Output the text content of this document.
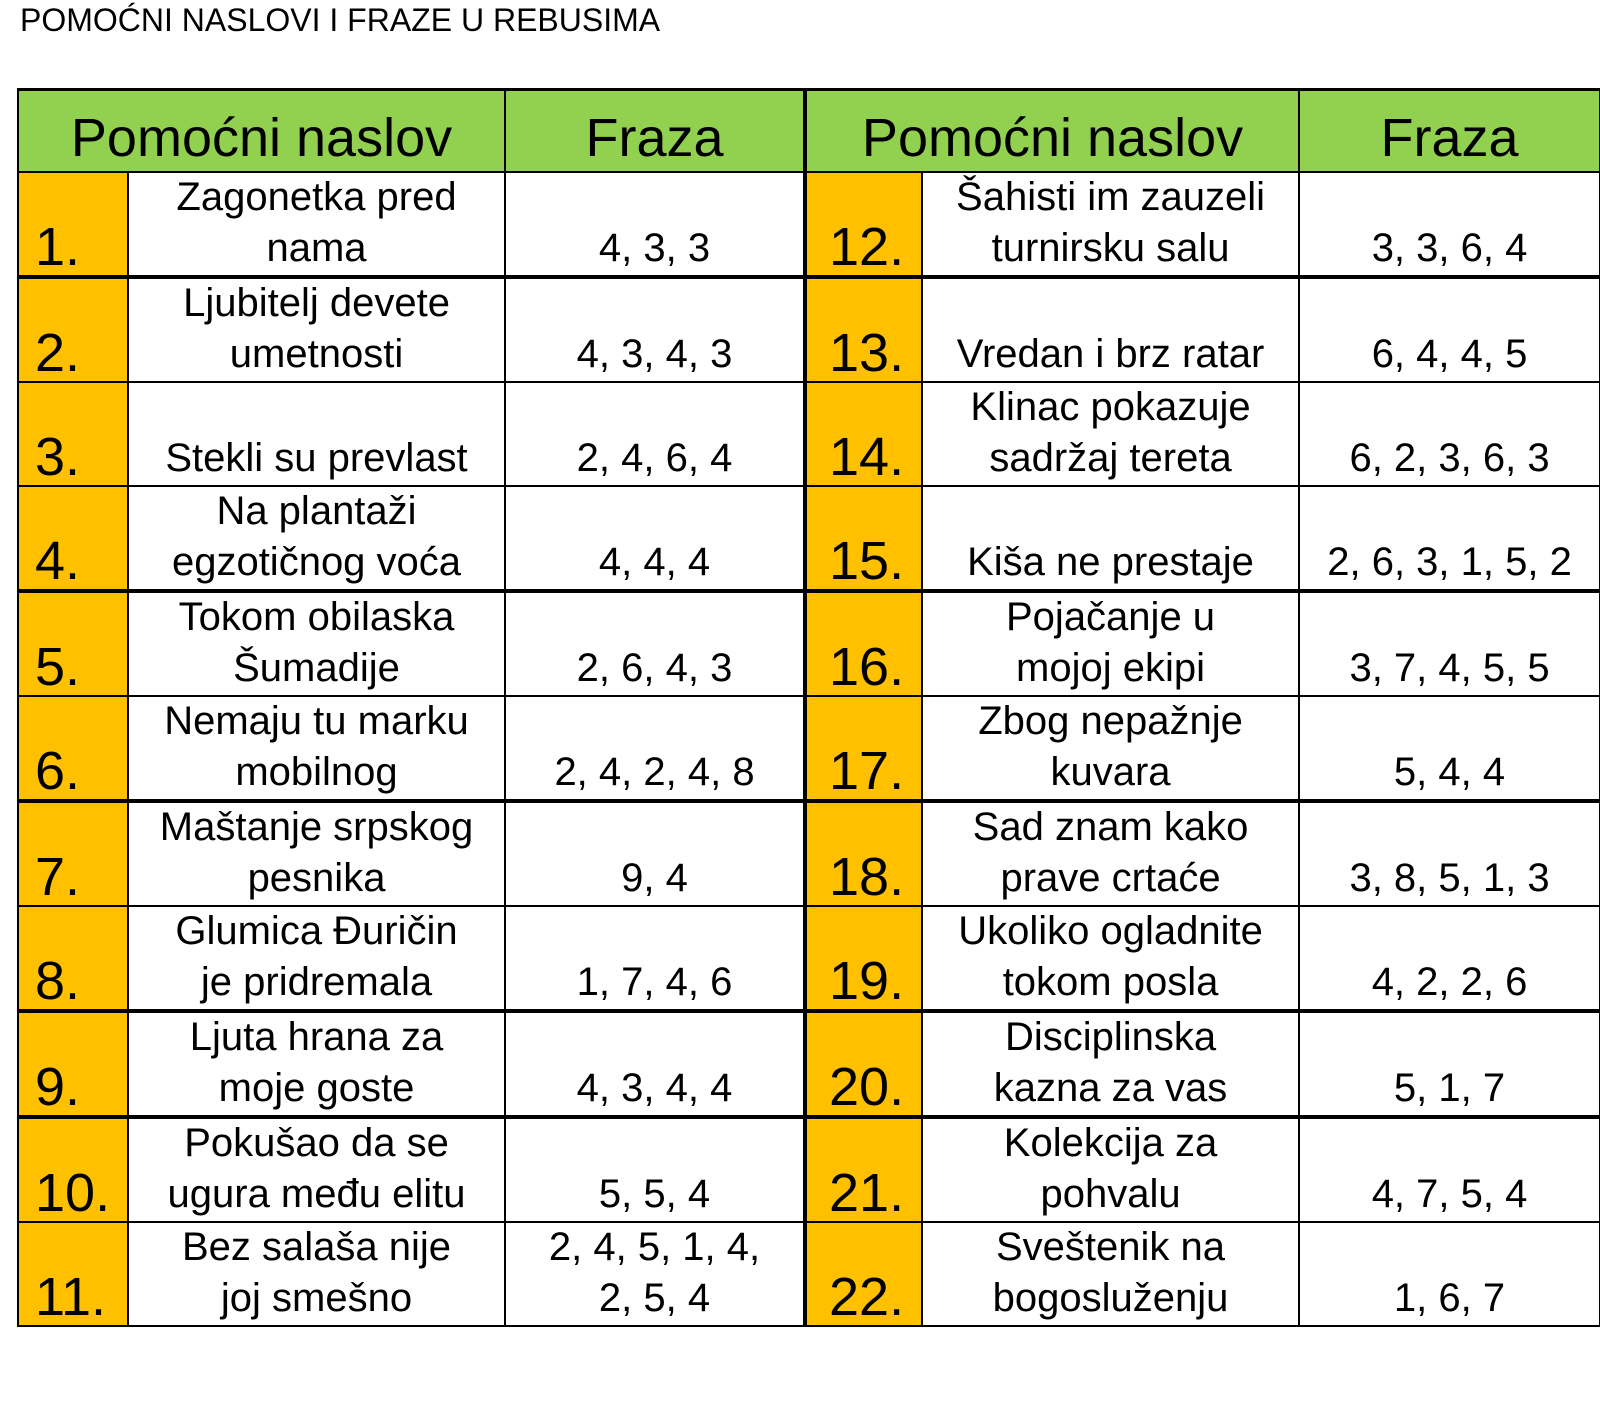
POMOĆNI NASLOVI I FRAZE U REBUSIMA
Pomoćni naslov		Fraza	Pomoćni naslov		Fraza
1.	Zagonetka pred
nama	4, 3, 3	12.	Šahisti im zauzeli
turnirsku salu	3, 3, 6, 4

2.	Ljubitelj devete
umetnosti	4, 3, 4, 3	13.	Vredan i brz ratar	6, 4, 4, 5

3.	Stekli su prevlast	2, 4, 6, 4	14.	Klinac pokazuje
sadržaj tereta	6, 2, 3, 6, 3

4.	Na plantaži
egzotičnog voća	4, 4, 4	15.	Kiša ne prestaje	2, 6, 3, 1, 5, 2

5.	Tokom obilaska
Šumadije	2, 6, 4, 3	16.	Pojačanje u
mojoj ekipi	3, 7, 4, 5, 5

6.	Nemaju tu marku
mobilnog	2, 4, 2, 4, 8	17.	Zbog nepažnje
kuvara	5, 4, 4

7.	Maštanje srpskog
pesnika	9, 4	18.	Sad znam kako
prave crtaće	3, 8, 5, 1, 3

8.	Glumica Đuričin
je pridremala	1, 7, 4, 6	19.	Ukoliko ogladnite
tokom posla	4, 2, 2, 6

9.	Ljuta hrana za
moje goste	4, 3, 4, 4	20.	Disciplinska
kazna za vas	5, 1, 7

10.	Pokušao da se
ugura među elitu	5, 5, 4	21.	Kolekcija za
pohvalu	4, 7, 5, 4

11.	Bez salaša nije
joj smešno	2, 4, 5, 1, 4,
2, 5, 4	22.	Sveštenik na
bogosluženju	1, 6, 7
